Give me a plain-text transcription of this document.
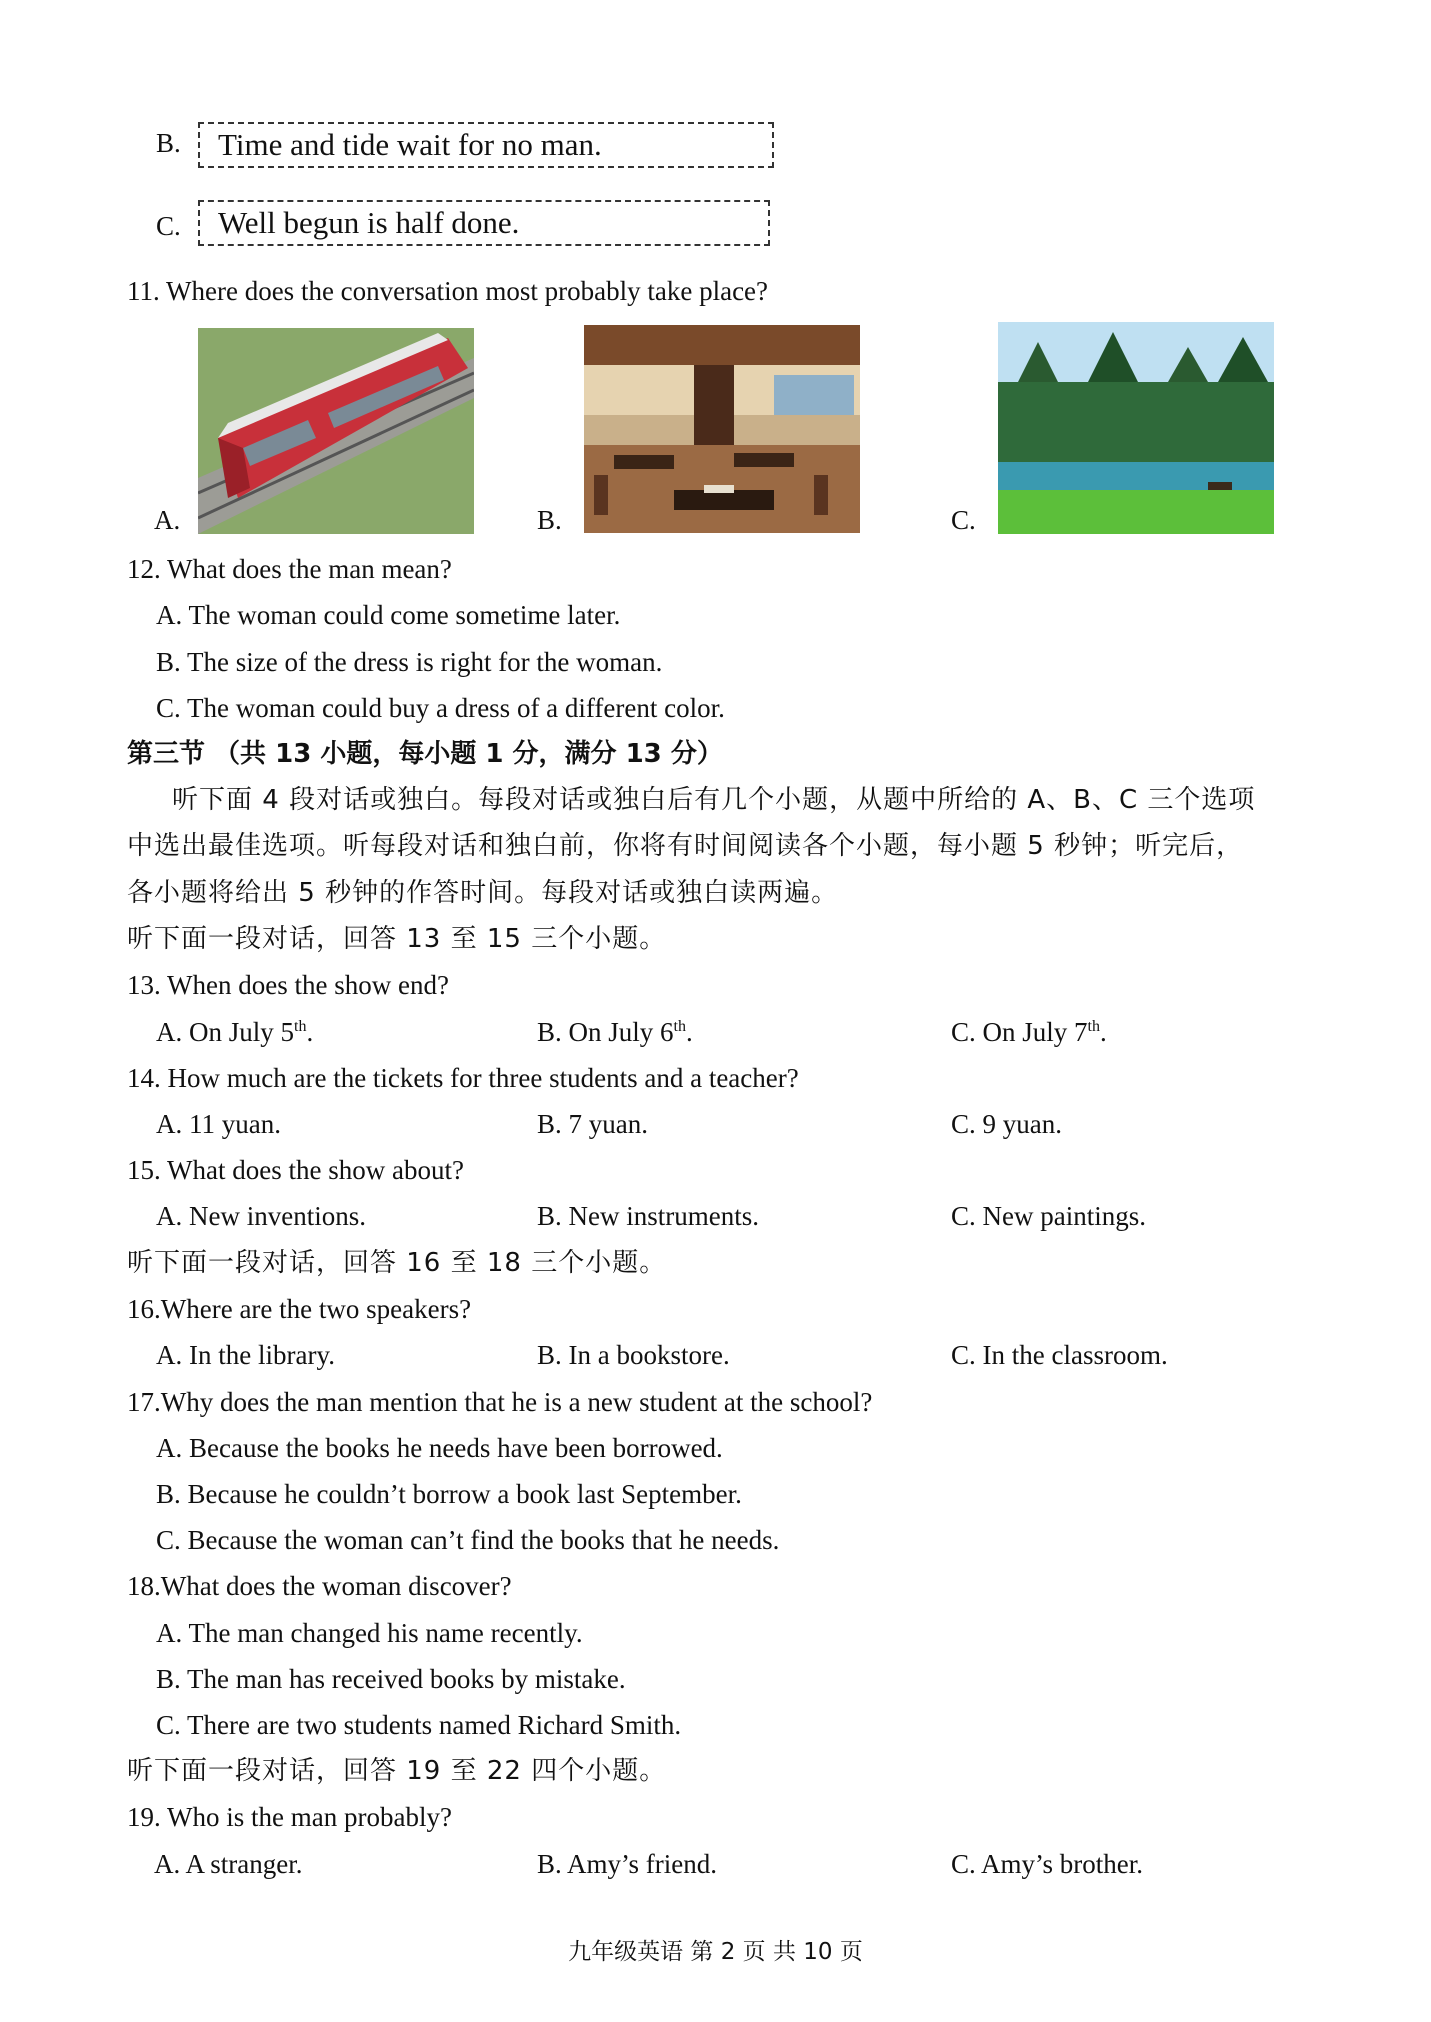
B.	Time and tide wait for no man.
C.	Well begun is half done.
11. Where does the conversation most probably take place?
A.	B.	C.
12. What does the man mean?
A. The woman could come sometime later.
B. The size of the dress is right for the woman.
C. The woman could buy a dress of a different color.
第三节 （共 13 小题，每小题 1 分，满分 13 分）
听下面 4 段对话或独白。每段对话或独白后有几个小题，从题中所给的 A、B、C 三个选项
中选出最佳选项。听每段对话和独白前，你将有时间阅读各个小题，每小题 5 秒钟；听完后，
各小题将给出 5 秒钟的作答时间。每段对话或独白读两遍。
听下面一段对话，回答 13 至 15 三个小题。
13. When does the show end?
A. On July 5th.	B. On July 6th.	C. On July 7th.
14. How much are the tickets for three students and a teacher?
A. 11 yuan.	B. 7 yuan.	C. 9 yuan.
15. What does the show about?
A. New inventions.	B. New instruments.	C. New paintings.
听下面一段对话，回答 16 至 18 三个小题。
16.Where are the two speakers?
A. In the library.	B. In a bookstore.	C. In the classroom.
17.Why does the man mention that he is a new student at the school?
A. Because the books he needs have been borrowed.
B. Because he couldn’t borrow a book last September.
C. Because the woman can’t find the books that he needs.
18.What does the woman discover?
A. The man changed his name recently.
B. The man has received books by mistake.
C. There are two students named Richard Smith.
听下面一段对话，回答 19 至 22 四个小题。
19. Who is the man probably?
A. A stranger.	B. Amy’s friend.	C. Amy’s brother.
九年级英语 第 2 页 共 10 页
